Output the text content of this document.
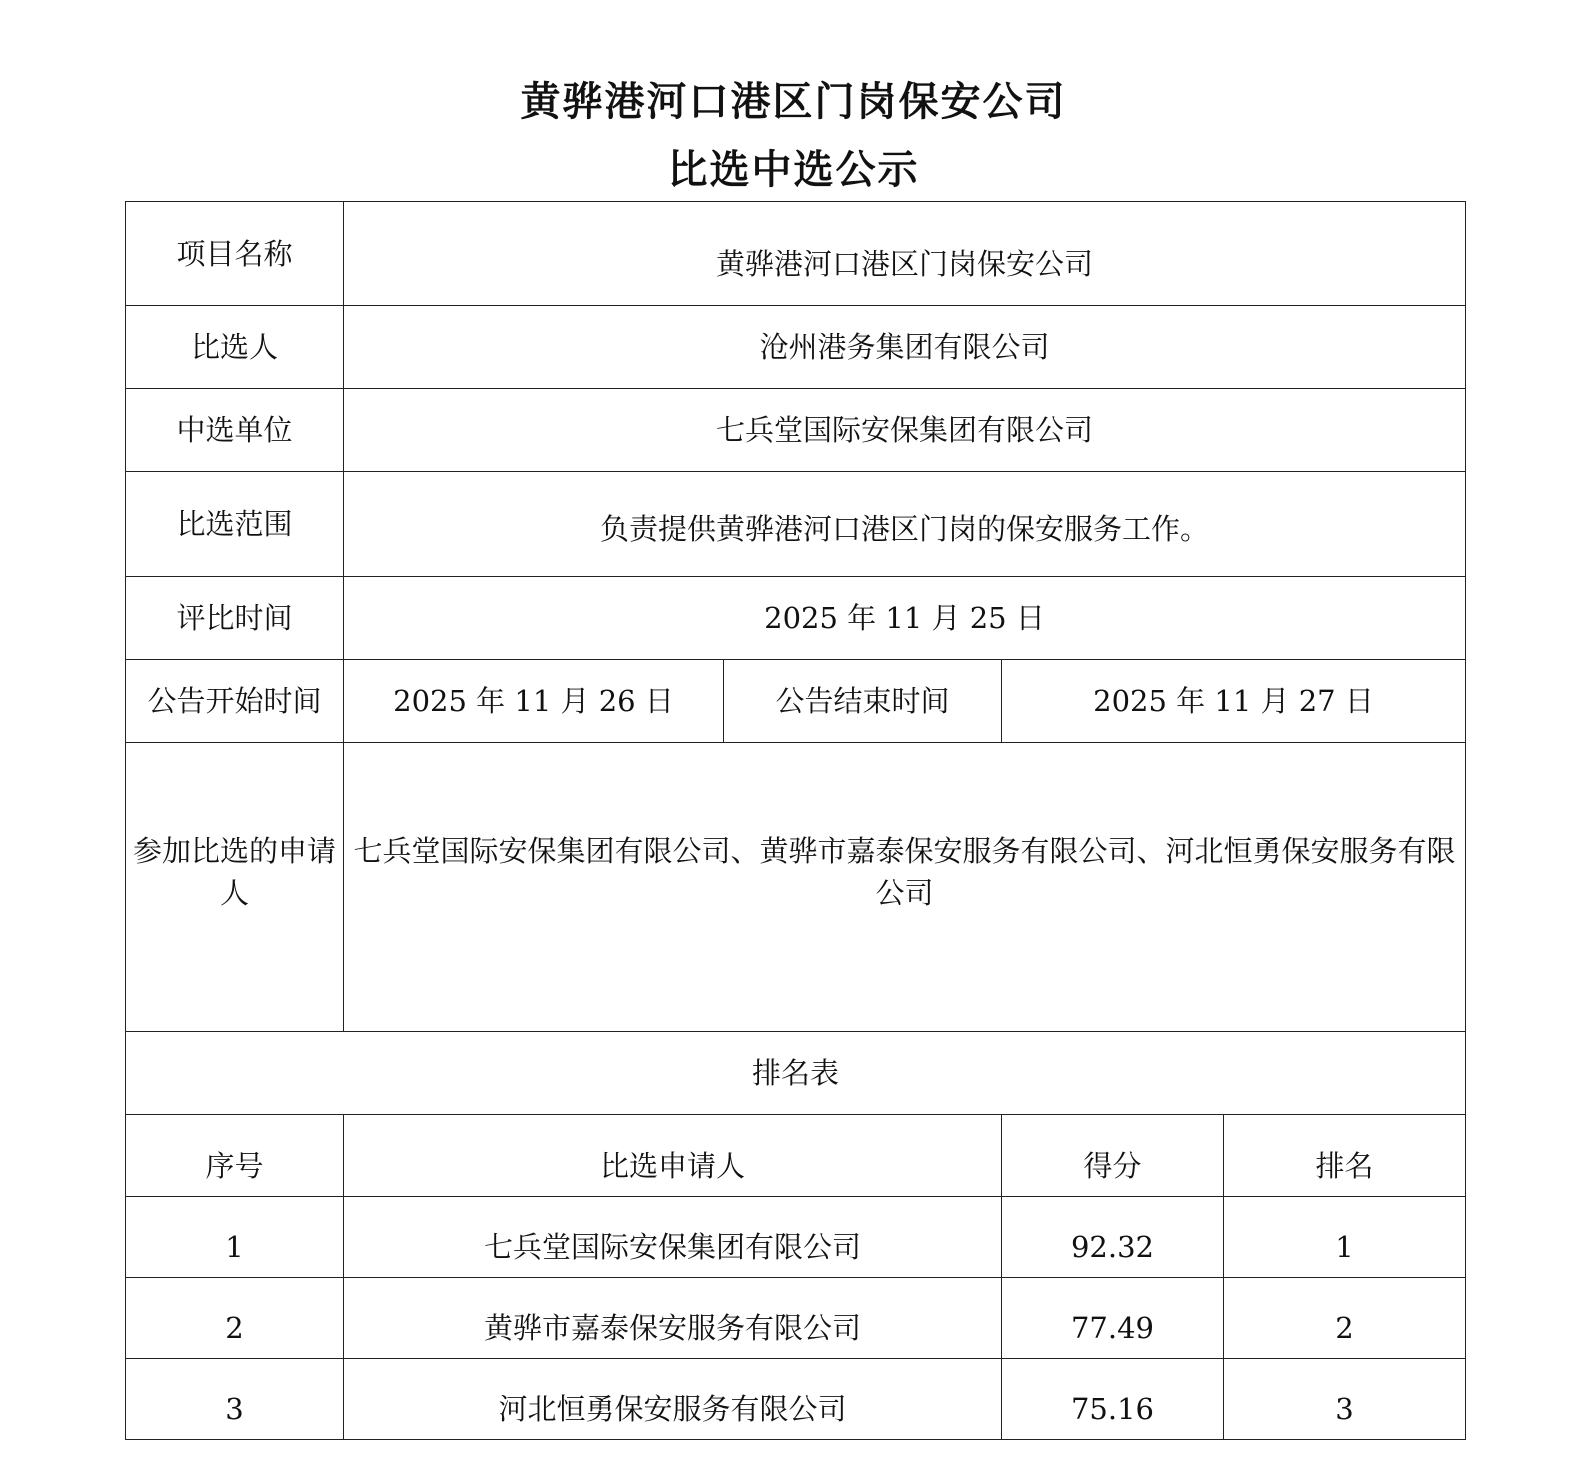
黄骅港河口港区门岗保安公司
比选中选公示
项目名称	黄骅港河口港区门岗保安公司			
比选人	沧州港务集团有限公司			
中选单位	七兵堂国际安保集团有限公司			
比选范围	负责提供黄骅港河口港区门岗的保安服务工作。			
评比时间	2025 年 11 月 25 日			
公告开始时间	2025 年 11 月 26 日	公告结束时间	2025 年 11 月 27 日	
参加比选的申请人	七兵堂国际安保集团有限公司、黄骅市嘉泰保安服务有限公司、河北恒勇保安服务有限公司			
排名表				
序号	比选申请人		得分	排名
1	七兵堂国际安保集团有限公司		92.32	1
2	黄骅市嘉泰保安服务有限公司		77.49	2
3	河北恒勇保安服务有限公司		75.16	3
